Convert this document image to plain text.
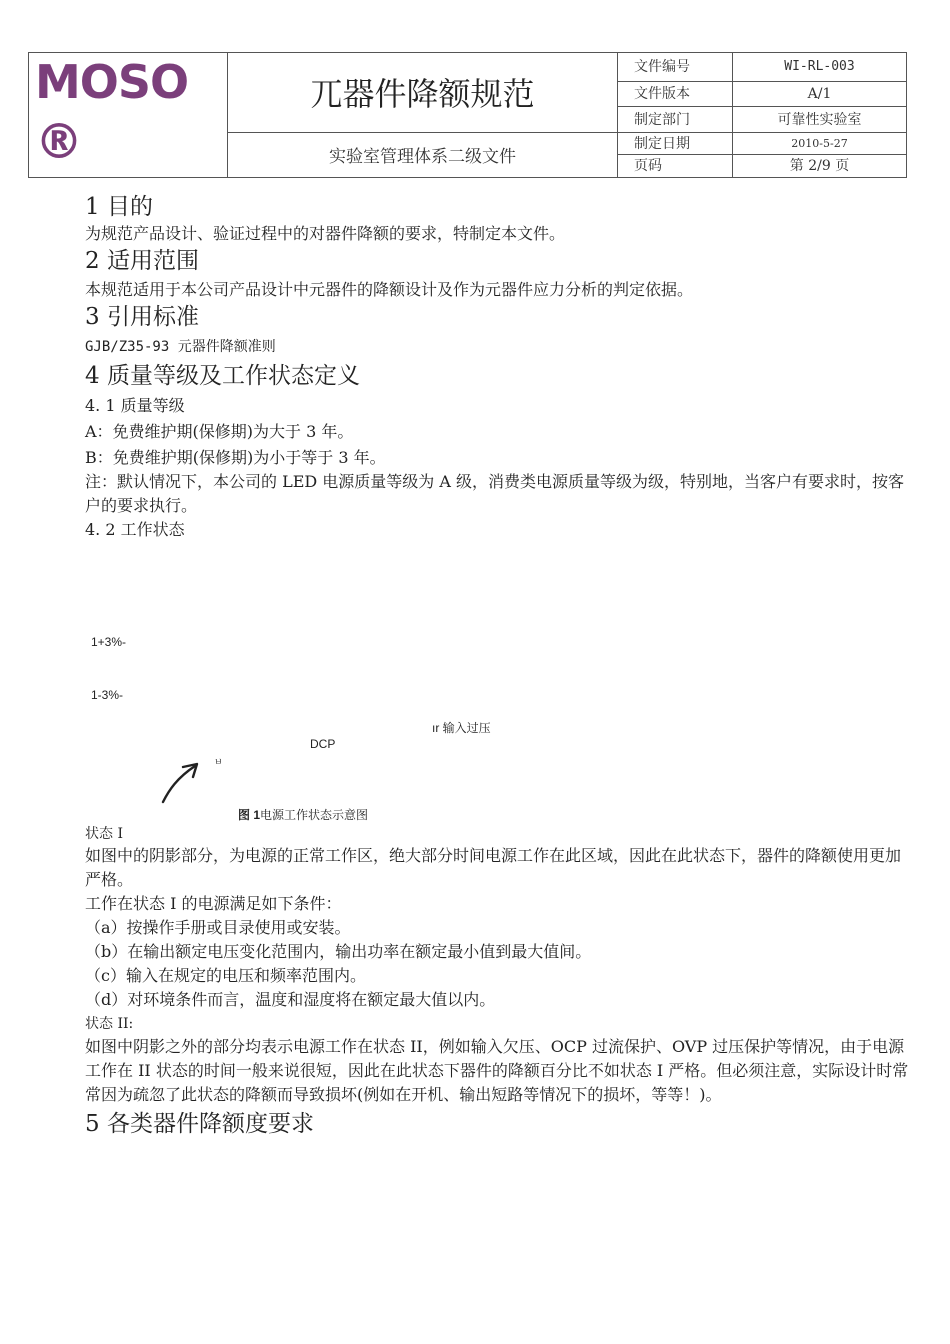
MOSO
®	兀器件降额规范	文件编号	WI-RL-003
		文件版本	A/1
		制定部门	可靠性实验室
	实验室管理体系二级文件	制定日期	2010-5-27
		页码	第 2/9 页
1 目的

为规范产品设计、验证过程中的对器件降额的要求，特制定本文件。

2 适用范围

本规范适用于本公司产品设计中元器件的降额设计及作为元器件应力分析的判定依据。

3 引用标准

GJB/Z35-93 元器件降额准则

4 质量等级及工作状态定义

4. 1 质量等级

A：免费维护期(保修期)为大于 3 年。

B：免费维护期(保修期)为小于等于 3 年。

注：默认情况下，本公司的 LED 电源质量等级为 A 级，消费类电源质量等级为级，特别地，当客户有要求时，按客户的要求执行。

4. 2 工作状态

1+3%-
1-3%-
ır 输入过压
DCP
ㅂ
图 1电源工作状态示意图

状态 I

如图中的阴影部分，为电源的正常工作区，绝大部分时间电源工作在此区域，因此在此状态下，器件的降额使用更加严格。

工作在状态 I 的电源满足如下条件：

（a）按操作手册或目录使用或安装。

（b）在输出额定电压变化范围内，输出功率在额定最小值到最大值间。

（c）输入在规定的电压和频率范围内。

（d）对环境条件而言，温度和湿度将在额定最大值以内。

状态 II:

如图中阴影之外的部分均表示电源工作在状态 II，例如输入欠压、OCP 过流保护、OVP 过压保护等情况，由于电源工作在 II 状态的时间一般来说很短，因此在此状态下器件的降额百分比不如状态 I 严格。但必须注意，实际设计时常常因为疏忽了此状态的降额而导致损坏(例如在开机、输出短路等情况下的损坏，等等！)。

5 各类器件降额度要求
